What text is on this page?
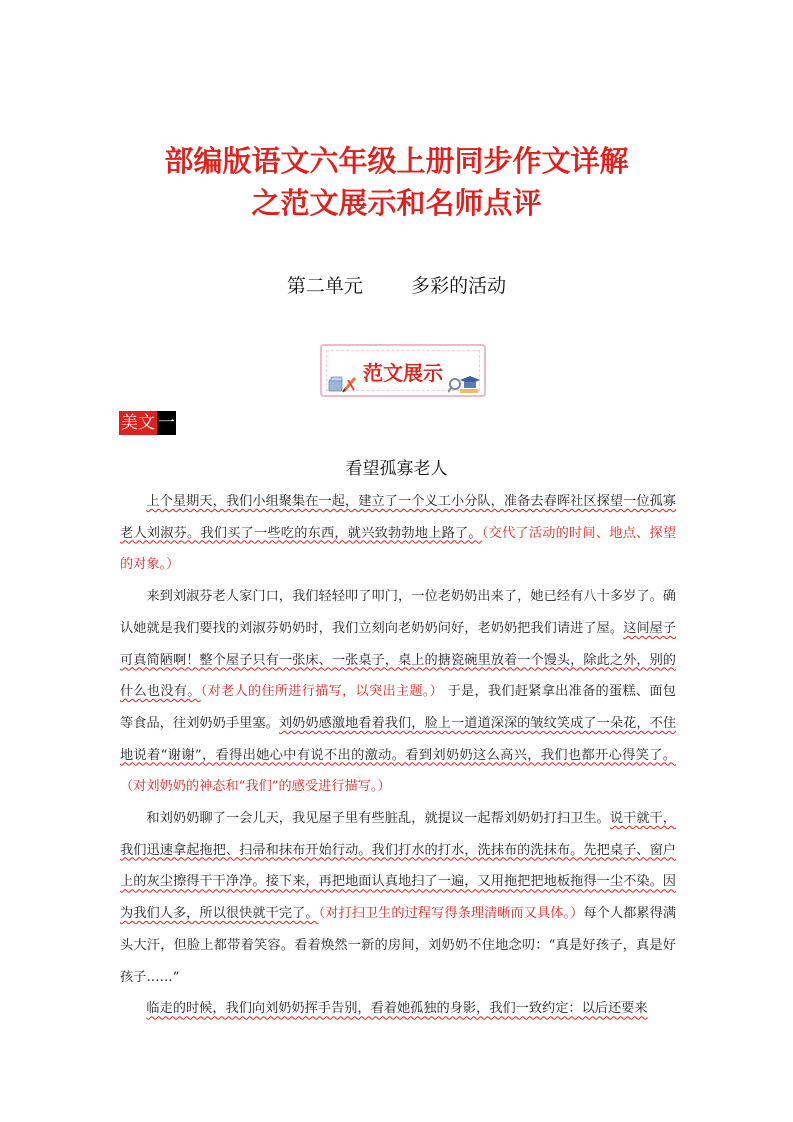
部编版语文六年级上册同步作文详解
之范文展示和名师点评
第二单元	多彩的活动
范文展示
美文 一
看望孤寡老人

上个星期天，我们小组聚集在一起，建立了一个义工小分队，准备去春晖社区探望一位孤寡老人刘淑芬。我们买了一些吃的东西，就兴致勃勃地上路了。（交代了活动的时间、地点、探望的对象。）

来到刘淑芬老人家门口，我们轻轻叩了叩门，一位老奶奶出来了，她已经有八十多岁了。确认她就是我们要找的刘淑芬奶奶时，我们立刻向老奶奶问好，老奶奶把我们请进了屋。这间屋子可真简陋啊！整个屋子只有一张床、一张桌子，桌上的搪瓷碗里放着一个馒头，除此之外，别的什么也没有。（对老人的住所进行描写，以突出主题。） 于是，我们赶紧拿出准备的蛋糕、面包等食品，往刘奶奶手里塞。刘奶奶感激地看着我们，脸上一道道深深的皱纹笑成了一朵花，不住地说着“谢谢”，看得出她心中有说不出的激动。看到刘奶奶这么高兴，我们也都开心得笑了。（对刘奶奶的神态和“我们”的感受进行描写。）

和刘奶奶聊了一会儿天，我见屋子里有些脏乱，就提议一起帮刘奶奶打扫卫生。说干就干，我们迅速拿起拖把、扫帚和抹布开始行动。我们打水的打水，洗抹布的洗抹布。先把桌子、窗户上的灰尘擦得干干净净。接下来，再把地面认真地扫了一遍，又用拖把把地板拖得一尘不染。因为我们人多，所以很快就干完了。（对打扫卫生的过程写得条理清晰而又具体。）每个人都累得满头大汗，但脸上都带着笑容。看着焕然一新的房间，刘奶奶不住地念叨：“真是好孩子，真是好孩子……”

临走的时候，我们向刘奶奶挥手告别，看着她孤独的身影，我们一致约定：以后还要来
